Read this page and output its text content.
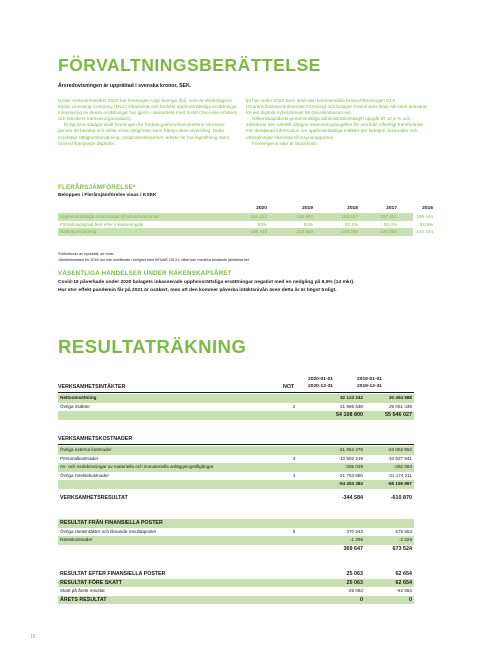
FÖRVALTNINGSBERÄTTELSE
Årsredovisningen är upprättad i svenska kronor, SEK.

Under verksamhetsåret 2020 har föreningen Upp Sverige (fpi), som är skinkstagens Music Licensing Company (MLC) inkasserat och fördelat upphovsrättsliga ersättningar. Inkassering av dessa ersättningar har gjorts i samarbete med SAMI (Svenska Artisters och Musikers Intresseorganisation).

Enligt sina stadgar skall föreningen för fördela grammofonindustrins intressen genom att bevaka och sköta vissa rättigheter samt främja dess utveckling. Detta innefattar rättighetsbevakning, antipiratverksamhet, arbete för bra lagstiftning samt branschfrämjande åtgärder.

fpi har under 2020 även drivit den kommersiella branschföreningen GLF (Grammofonleverantörernas Förening) och bolaget Grammotex Data AB samt ansvarat för det digitala nyhetsbrevet MI (Musikindustrin.se).

Räkenskapsårets genomsnittliga administrationsavgift uppgår till 12,6 % och inkluderar den särskilt uttagna inkasseringsavgiften för området offentligt framförande. För detaljerad information om upphovsrättsliga intäkter per kategori, kostnader och utbetalningar hänvisas till insynsrapporten.

Föreningens säte är Stockholm.

FLERÅRSJÄMFÖRELSE*
Beloppen i Flerårsjämförelse visas i KSEK
2020	2019	2018	2017	2016
Upphovsrättsliga ersättningar till skivproducenter	151 222	165 402	153 537	157 281	156 444
Fördelningsgrad året efter inkasseringsår	92%	91%	92,1%	92,4%	92,9%
Balansomslutning	168 449	203 858	148 268	146 087	144 244
*Definitioner av nyckeltal, se noter
Jämförelsetalen för 2016 har inte omräknats i enlighet med BFNAR 2013:1 vilket kan medföra bristande jämförbarhet.
VÄSENTLIGA HÄNDELSER UNDER RÄKENSKAPSÅRET
Covid-19 påverkade under 2020 bolagets inkasserade upphovsrättsliga ersättningar negativt med en nedgång på 8,5% (14 mkr).
Hur stor effekt pandemin får på 2021 är osäkert, men att den kommer påverka intäktsnivån även detta år är högst troligt.
RESULTATRÄKNING
2020-01-01	2019-01-01
VERKSAMHETSINTÄKTER	NOT	2020-12-31	2019-12-31
Nettoomsättning	32 123 242	30 494 588
Övriga intäkter	2	21 985 538	25 051 439
54 108 800	55 546 027
VERKSAMHETSKOSTNADER
Övriga externa kostnader	-21 852 479	-24 062 652
Personalkostnader	3	-10 592 219	-10 627 941
Av- och nedskrivningar av materiella och immateriella anläggningstillgångar	-255 036	-292 093
Övriga rörelsekostnader	4	-21 753 650	-21 174 211
-54 453 384	-56 156 897
VERKSAMHETSRESULTAT	-344 584	-610 870
RESULTAT FRÅN FINANSIELLA POSTER
Övriga ränteintäkter och liknande resultatposter	5	370 943	675 553
Räntekostnader	-1 296	-2 029
369 647	673 524
RESULTAT EFTER FINANSIELLA POSTER	25 063	62 654
RESULTAT FÖRE SKATT	25 063	62 654
Skatt på årets resultat	-25 063	-62 654
ÅRETS RESULTAT	0	0
16
